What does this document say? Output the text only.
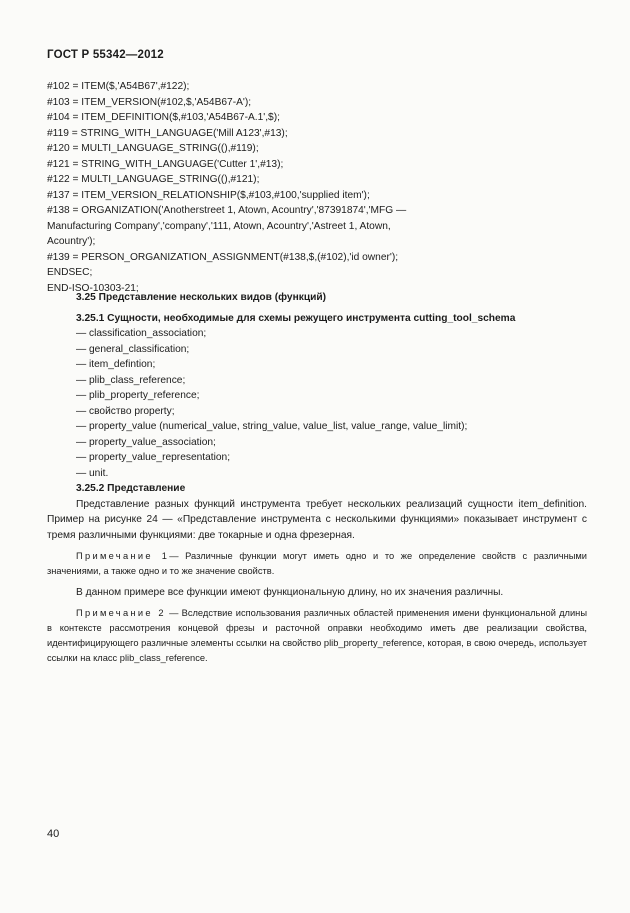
ГОСТ Р 55342—2012
#102 = ITEM($,'A54B67',#122);
#103 = ITEM_VERSION(#102,$,'A54B67-A');
#104 = ITEM_DEFINITION($,#103,'A54B67-A.1',$);
#119 = STRING_WITH_LANGUAGE('Mill A123',#13);
#120 = MULTI_LANGUAGE_STRING((),#119);
#121 = STRING_WITH_LANGUAGE('Cutter 1',#13);
#122 = MULTI_LANGUAGE_STRING((),#121);
#137 = ITEM_VERSION_RELATIONSHIP($,#103,#100,'supplied item');
#138 = ORGANIZATION('Anotherstreet 1, Atown, Acountry','87391874','MFG —
Manufacturing Company','company','111, Atown, Acountry','Astreet 1, Atown,
Acountry');
#139 = PERSON_ORGANIZATION_ASSIGNMENT(#138,$,(#102),'id owner');
ENDSEC;
END-ISO-10303-21;
3.25 Представление нескольких видов (функций)
3.25.1 Сущности, необходимые для схемы режущего инструмента cutting_tool_schema
— classification_association;
— general_classification;
— item_defintion;
— plib_class_reference;
— plib_property_reference;
— свойство property;
— property_value (numerical_value, string_value, value_list, value_range, value_limit);
— property_value_association;
— property_value_representation;
— unit.
3.25.2 Представление
Представление разных функций инструмента требует нескольких реализаций сущности item_definition. Пример на рисунке 24 — «Представление инструмента с несколькими функциями» показывает инструмент с тремя различными функциями: две токарные и одна фрезерная.
Примечание 1— Различные функции могут иметь одно и то же определение свойств с различными значениями, а также одно и то же значение свойств.
В данном примере все функции имеют функциональную длину, но их значения различны.
Примечание 2 — Вследствие использования различных областей применения имени функциональной длины в контексте рассмотрения концевой фрезы и расточной оправки необходимо иметь две реализации свойства, идентифицирующего различные элементы ссылки на свойство plib_property_reference, которая, в свою очередь, использует ссылки на класс plib_class_reference.
40
